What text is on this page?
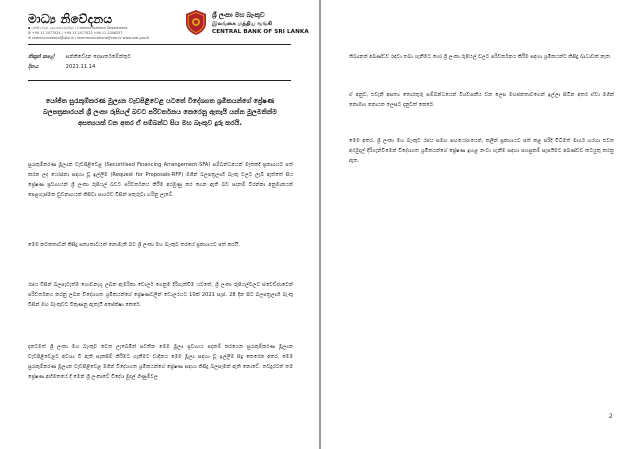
මාධ්‍ය නිවේදනය
▪සන්නිවේදන දෙපාර්තමේන්තුව / Communications Department
✆+94 11 2477424 / +94 11 2477423 +94 11 2346257
✉communications@cbsl.lk / dcommunications@cbsl.lk www.cbsl.gov.lk
ශ්‍රී ලංකා මහ බැංකුව
இலங்கை மத்திய வங்கி
CENTRAL BANK OF SRI LANKA
නිකුත් කළේ සන්නිවේදන දෙපාර්තමේන්තුව
දිනය	2021.11.14
යෝජිත සුරැකුම්කරණ මූල්‍යන වැඩපිළිවෙළ යටතේ විදේශගත ශ්‍රමිකයන්ගේ ප්‍රේෂණ බලපත්‍රකාරයන් ශ්‍රී ලංකා රුපියල් බවට පරිවර්තනය කෙරෙනු ඇතැයි යන්න මූලමනින්ම අසත්‍යයක් වන අතර ඒ සම්බන්ධ සිය මහ බැංකුව දුරු කරයි.
සුරැකුම්කරණ මූල්‍යන වැඩපිළිවෙළ (Securitised Financing Arrangement-SFA) සම්බන්ධයෙන් මෑතකදී ප්‍රකාශයට පත් කරන ලද යෝජනා සඳහා වූ ඉල්ලීම (Request for Proposals-RFP) මගින් බලපත්‍රලාභී බැංකු වලට ලැබී ඇත්තේ සිය ප්‍රේෂණ ප්‍රවාහයන් ශ්‍රී ලංකා රුපියල් බවට පරිවර්තනය කිරීම අරමුණු කර ගෙන ඇති බව පදනම් වීරන්නා අනුමානයන් පෙළගැස්මක ඩුවනාගයක් කිසිවා පාර්ශව විසින් පතුරුවා හරිනු ලැබේ.
මෙම කටකතාවන් කිසිදු සත්‍යතාවයක් නොමැති බව ශ්‍රී ලංකා මහ බැංකුව තරයේ ප්‍රකාශයට පත් කරයි.
රජය විසින් බලපැවැත්ම ගොඩනැගූ ලබන ඇමරිකා ඩොලර් ගෙනුම දිරිගැන්වීම යටතේ, ශ්‍රී ලංකා රුපියල්වලට ස්වෙච්ඡාවෙන් පරිවර්තනය කරනු ලබන විදේශගත ශ්‍රමිකයන්ගේ ප්‍රේෂණවලින් ඩොලරයට 10ක් 2021 සැප්. 28 දින සිට බලපත්‍රලාභී බැංකු විසින් මහ බැංකුවට විකුණනු ඇතැයි අපේක්ෂා කෙරේ.
දැනටමත් ශ්‍රී ලංකා මහ බැංකුව වෙත ලැබෙමින් පවතින මෙම මූල්‍ය ප්‍රවාහය පදනම් කරගෙන සුරැකුම්කරණ මූල්‍යන වැඩපිළිවෙළට අවශ්‍ය වී ඇති සැකසීම් කිරීමට ගැනීමට වාදිනය මෙම මූල්‍ය සඳහා වූ ඉල්ලීම සිදු කෙරෙන අතර, මෙම සුරැකුම්කරණ මූල්‍යන වැඩපිළිවෙළ මගින් විදේශගත ශ්‍රමිකයන්ගේ ප්‍රේෂණ සඳහා කිසිදු බලපෑමක් ඇති නොවේ. තවදුරටත් තම ප්‍රේෂණ අභිමතයේ දී මෙන් ශ්‍රී ලංකාවේ විදේශ මුදල් ගිණුම්වල
තිබ්‍යනත් අඛණ්ඩව රඳවා තබා ගැනීමට හෝ ශ්‍රී ලංකා රුපියල් වලට පරිවර්තනය කිරීම සඳහා ශ්‍රමිකයන්ට කිසිදු බාධාවක් නැත.
ඒ අනුව, එවැනි අසත්‍ය තොරතුරු සම්බන්ධයෙන් විශ්වසනීය වන ලෙස මහජනතාවගෙන් ඉල්ලා සිටින අතර ඒවා මගින් නොමඟ නොයන ලෙසට දැනුවත් කෙරේ.
මෙම අතර, ශ්‍රී ලංකා මහ බැංකුව රජය සමඟ සහයෝගයෙන්, කලින් ප්‍රකාශයට පත් කළ පරිදි විධිමත් මාර්ග හරහා එවන අරමුදල් දිරිගැන්වීමෙන් විදේශගත ශ්‍රමිකයන්ගේ ප්‍රේෂණ ඉහළ නංවා ගැනීම සඳහා පහසුකම් සැපයීමට අඛණ්ඩව කටයුතු කරනු ඇත.
2
